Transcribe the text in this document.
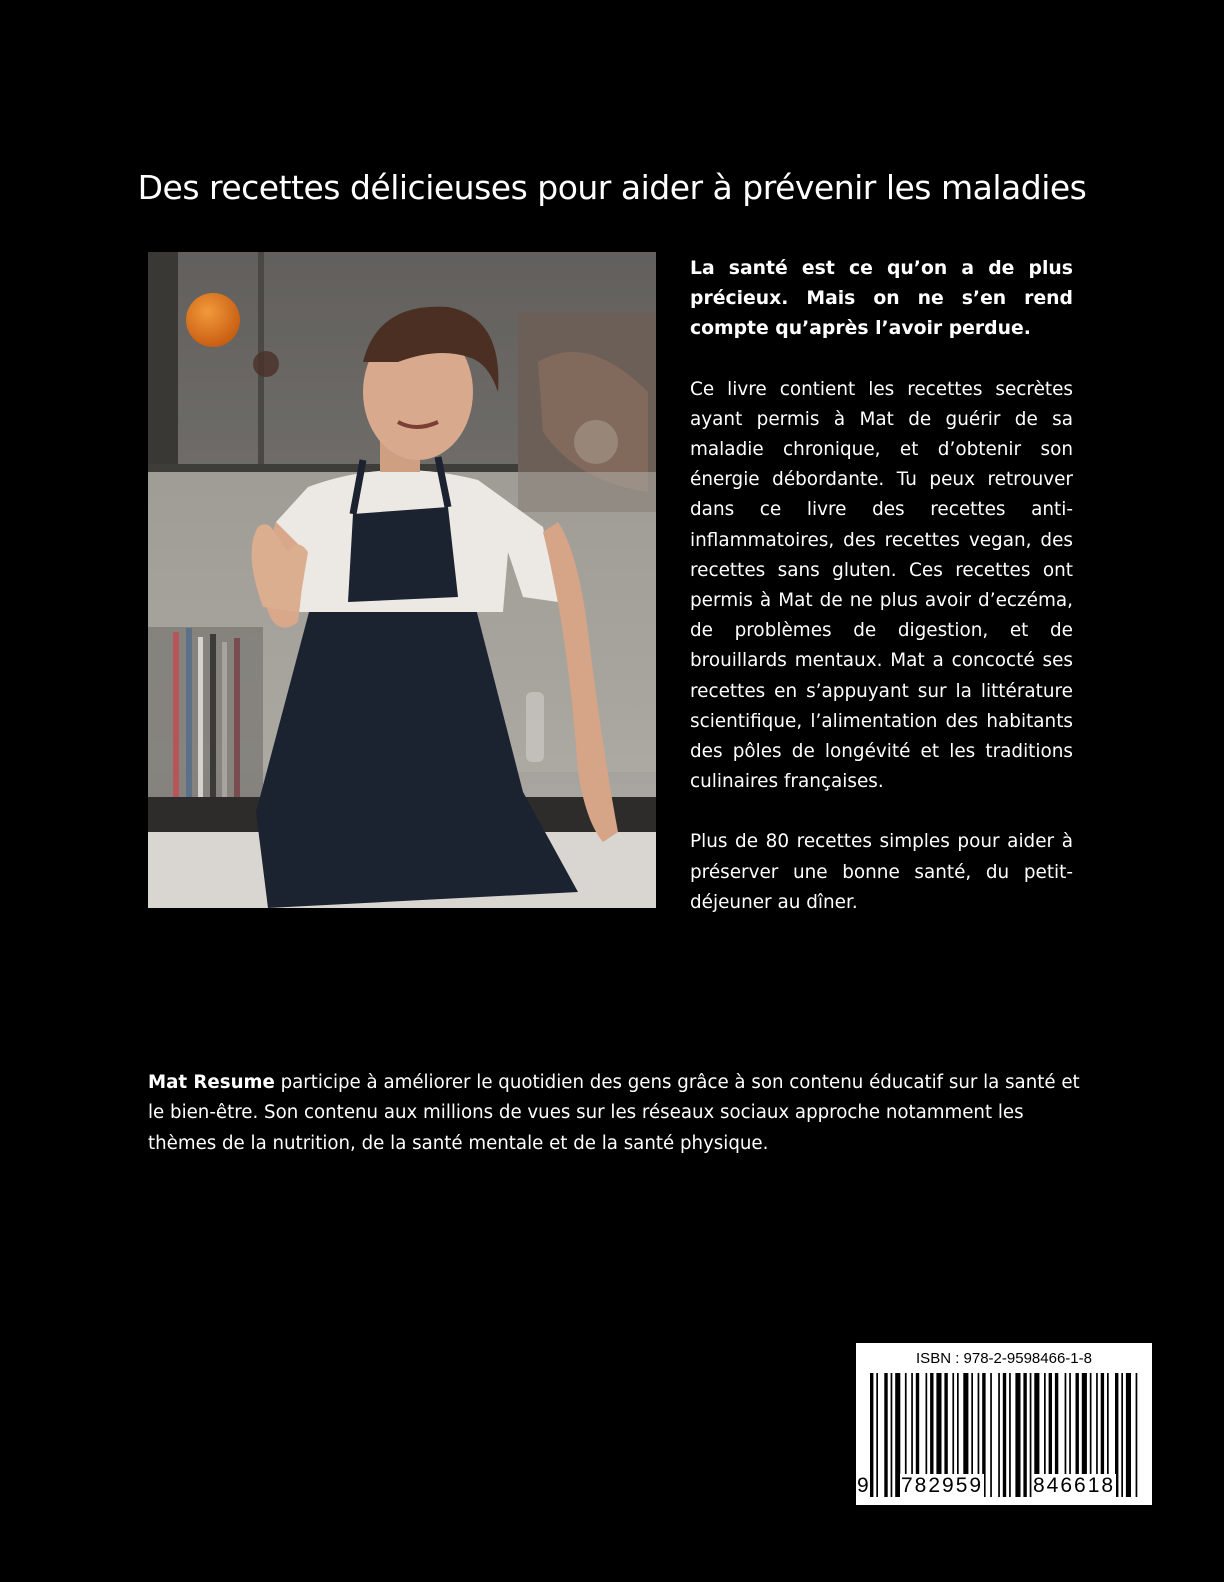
Des recettes délicieuses pour aider à prévenir les maladies

La santé est ce qu’on a de plus précieux. Mais on ne s’en rend compte qu’après l’avoir perdue.

Ce livre contient les recettes secrètes ayant permis à Mat de guérir de sa maladie chronique, et d’obtenir son énergie débordante. Tu peux retrouver dans ce livre des recettes anti-inflammatoires, des recettes vegan, des recettes sans gluten. Ces recettes ont permis à Mat de ne plus avoir d’eczéma, de problèmes de digestion, et de brouillards mentaux. Mat a concocté ses recettes en s’appuyant sur la littérature scientifique, l’alimentation des habitants des pôles de longévité et les traditions culinaires françaises.

Plus de 80 recettes simples pour aider à préserver une bonne santé, du petit-déjeuner au dîner.

Mat Resume participe à améliorer le quotidien des gens grâce à son contenu éducatif sur la santé et le bien-être. Son contenu aux millions de vues sur les réseaux sociaux approche notamment les thèmes de la nutrition, de la santé mentale et de la santé physique.

ISBN : 978-2-9598466-1-8
9 782959 846618
